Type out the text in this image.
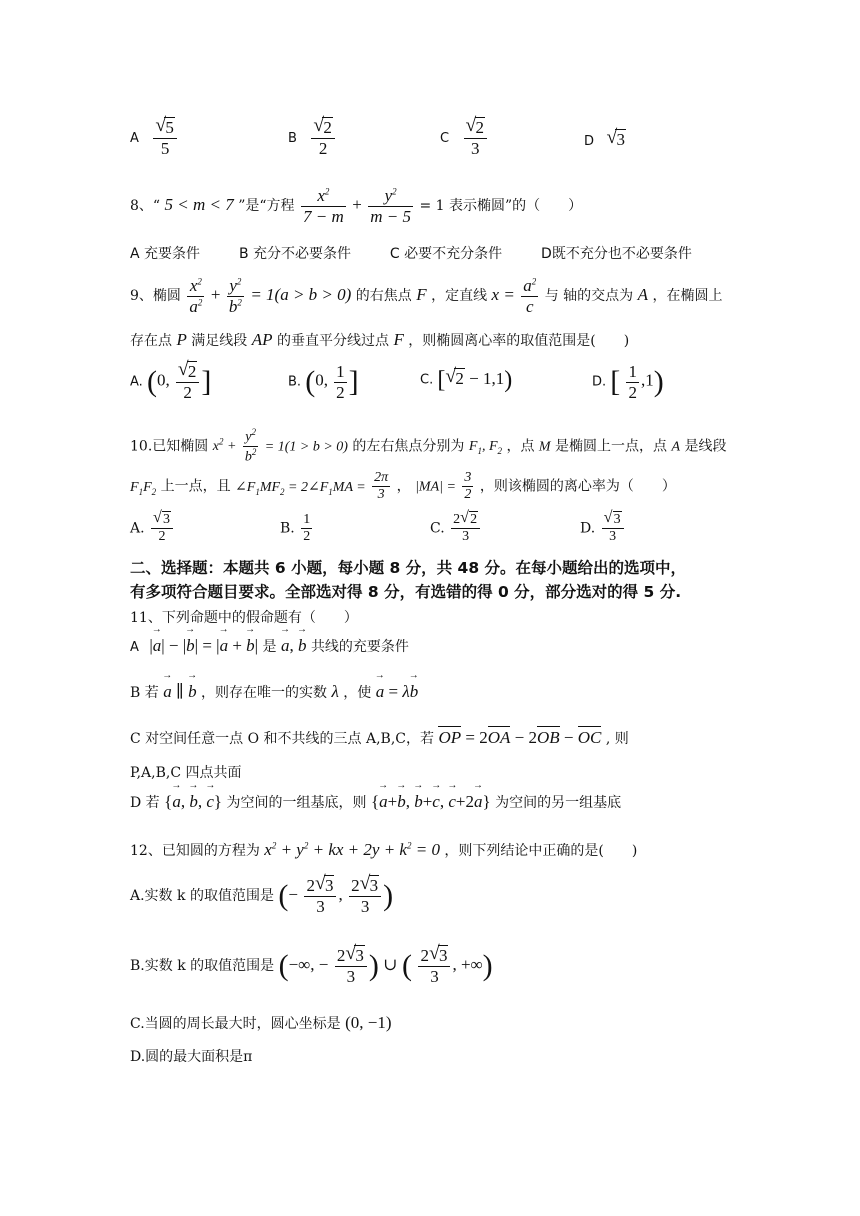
A $\frac{√ 5}{5}$	B $\frac{√ 2}{2}$	C $\frac{√ 2}{3}$	D √ 3
8、“ 5 < m < 7 ”是“方程 $\frac{x^2}{7 - m} + \frac{y^2}{m - 5} = 1$ 表示椭圆”的（　　）
A 充要条件	B 充分不必要条件	C 必要不充分条件	D既不充分也不必要条件
9、椭圆 $\frac{x^2}{a^2} + \frac{y^2}{b^2} = 1(a > b > 0)$ 的右焦点 F ，定直线 $x = \frac{a^2}{c}$ 与 轴的交点为 A ，在椭圆上
存在点 P 满足线段 AP 的垂直平分线过点 F ，则椭圆离心率的取值范围是(　　)
A. (0, $\frac{√ 2}{2}$ ]	B. (0, $\frac{1}{2}$ ]	C. [ √ 2 − 1,1)	D. [ $\frac{1}{2} ,1$)
10.已知椭圆 $x^2 + \frac{y^2}{b^2} = 1(1 > b > 0)$ 的左右焦点分别为 $F_1$, $F_2$ ，点 M 是椭圆上一点，点 A 是线段
$F_1F_2$ 上一点，且 $\angle F_1MF_2$ = $2\angle F_1MA = \frac{2\pi}{3}$ ， $|MA| = \frac{3}{2}$ ，则该椭圆的离心率为（　　）
A. $\frac{√ 3}{2}$	B. $\frac{1}{2}$	C. $\frac{2 √ 2}{3}$	D. $\frac{√ 3}{3}$
二、选择题：本题共 6 小题，每小题 8 分，共 48 分。在每小题给出的选项中，
有多项符合题目要求。全部选对得 8 分，有选错的得 0 分，部分选对的得 5 分.
11、下列命题中的假命题有（　　）
A |→ a| − |→ b| = |→ a + → b| 是 → a, → b 共线的充要条件
B 若 → a ∥ → b ，则存在唯一的实数 λ ，使 → a = λ→ b
C 对空间任意一点 O 和不共线的三点 A,B,C，若 OP = 2OA − 2OB − OC , 则
P,A,B,C 四点共面
D 若 {→ a, → b, → c} 为空间的一组基底，则 {→ a+→ b, → b+→ c, → c+2→ a} 为空间的另一组基底
12、已知圆的方程为 $x^2 + y^2$ + kx + $2y + k^2 = 0$ ，则下列结论中正确的是(　　)
A.实数 k 的取值范围是 (− $\frac{2 √ 3}{3}$ , $\frac{2 √ 3}{3}$ )
B.实数 k 的取值范围是 (−∞, − $\frac{2 √ 3}{3}$ ) ∪ ( $\frac{2 √ 3}{3}$ , +∞)
C.当圆的周长最大时，圆心坐标是 (0, −1)
D.圆的最大面积是π
